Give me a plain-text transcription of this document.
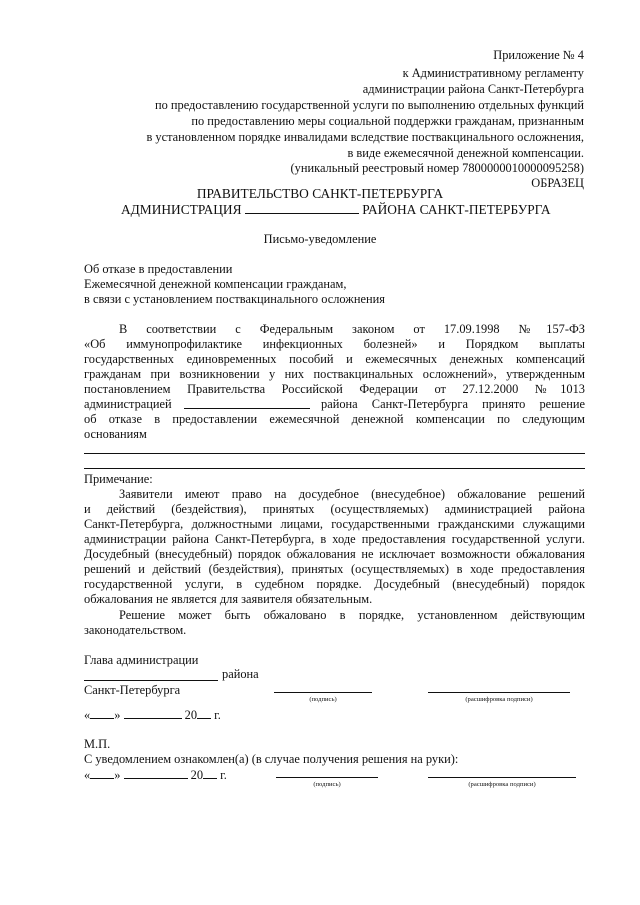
Приложение № 4
к Административному регламенту
администрации района Санкт-Петербурга
по предоставлению государственной услуги по выполнению отдельных функций
по предоставлению меры социальной поддержки гражданам, признанным
в установленном порядке инвалидами вследствие поствакцинального осложнения,
в виде ежемесячной денежной компенсации.
(уникальный реестровый номер 7800000010000095258)
ОБРАЗЕЦ
ПРАВИТЕЛЬСТВО САНКТ-ПЕТЕРБУРГА
АДМИНИСТРАЦИЯ	РАЙОНА САНКТ-ПЕТЕРБУРГА
Письмо-уведомление
Об отказе в предоставлении
Ежемесячной денежной компенсации гражданам,
в связи с установлением поствакцинального осложнения
В соответствии с Федеральным законом от 17.09.1998 №157-ФЗ
«Об иммунопрофилактике инфекционных болезней» и Порядком выплаты
государственных единовременных пособий и ежемесячных денежных компенсаций
гражданам при возникновении у них поствакцинальных осложнений», утвержденным
постановлением Правительства Российской Федерации от 27.12.2000 №1013
администрацией	района Санкт-Петербурга принято решение
об отказе в предоставлении ежемесячной денежной компенсации по следующим
основаниям
Примечание:
Заявители имеют право на досудебное (внесудебное) обжалование решений
и действий (бездействия), принятых (осуществляемых) администрацией района
Санкт-Петербурга, должностными лицами, государственными гражданскими служащими
администрации района Санкт-Петербурга, в ходе предоставления государственной услуги.
Досудебный (внесудебный) порядок обжалования не исключает возможности обжалования
решений и действий (бездействия), принятых (осуществляемых) в ходе предоставления
государственной услуги, в судебном порядке. Досудебный (внесудебный) порядок
обжалования не является для заявителя обязательным.
Решение может быть обжаловано в порядке, установленном действующим
законодательством.
Глава администрации
района
Санкт-Петербурга
(подпись)	(расшифровка подписи)
« »	20 г.
М.П.
С уведомлением ознакомлен(а) (в случае получения решения на руки):
« »	20 г.
(подпись)	(расшифровка подписи)
